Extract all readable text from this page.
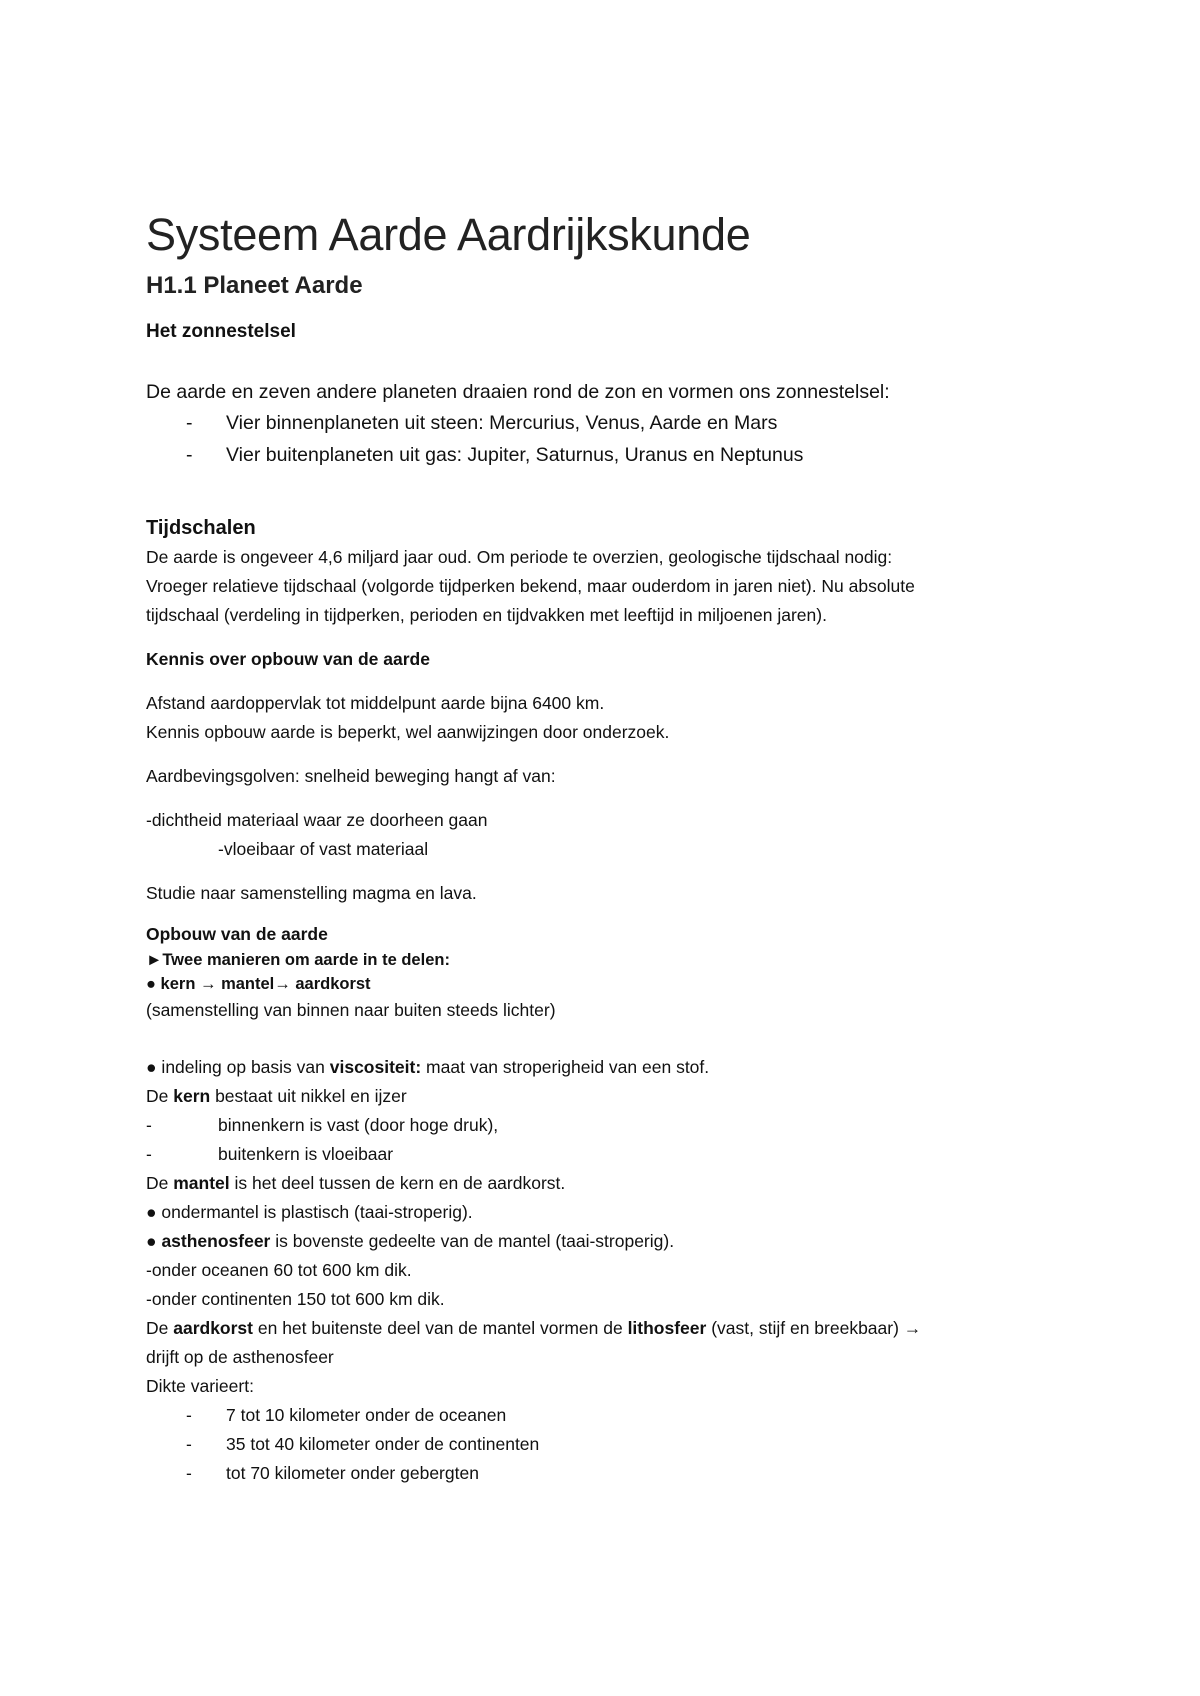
Systeem Aarde Aardrijkskunde
H1.1 Planeet Aarde
Het zonnestelsel
De aarde en zeven andere planeten draaien rond de zon en vormen ons zonnestelsel:
-	Vier binnenplaneten uit steen: Mercurius, Venus, Aarde en Mars
-	Vier buitenplaneten uit gas: Jupiter, Saturnus, Uranus en Neptunus
Tijdschalen
De aarde is ongeveer 4,6 miljard jaar oud. Om periode te overzien, geologische tijdschaal nodig:
Vroeger relatieve tijdschaal (volgorde tijdperken bekend, maar ouderdom in jaren niet). Nu absolute
tijdschaal (verdeling in tijdperken, perioden en tijdvakken met leeftijd in miljoenen jaren).
Kennis over opbouw van de aarde
Afstand aardoppervlak tot middelpunt aarde bijna 6400 km.
Kennis opbouw aarde is beperkt, wel aanwijzingen door onderzoek.
Aardbevingsgolven: snelheid beweging hangt af van:
-dichtheid materiaal waar ze doorheen gaan
-vloeibaar of vast materiaal
Studie naar samenstelling magma en lava.
Opbouw van de aarde
►Twee manieren om aarde in te delen:
● kern → mantel→ aardkorst
(samenstelling van binnen naar buiten steeds lichter)
● indeling op basis van viscositeit: maat van stroperigheid van een stof.
De kern bestaat uit nikkel en ijzer
-	binnenkern is vast (door hoge druk),
-	buitenkern is vloeibaar
De mantel is het deel tussen de kern en de aardkorst.
● ondermantel is plastisch (taai-stroperig).
● asthenosfeer is bovenste gedeelte van de mantel (taai-stroperig).
-onder oceanen 60 tot 600 km dik.
-onder continenten 150 tot 600 km dik.
De aardkorst en het buitenste deel van de mantel vormen de lithosfeer (vast, stijf en breekbaar) →
drijft op de asthenosfeer
Dikte varieert:
-	7 tot 10 kilometer onder de oceanen
-	35 tot 40 kilometer onder de continenten
-	tot 70 kilometer onder gebergten
